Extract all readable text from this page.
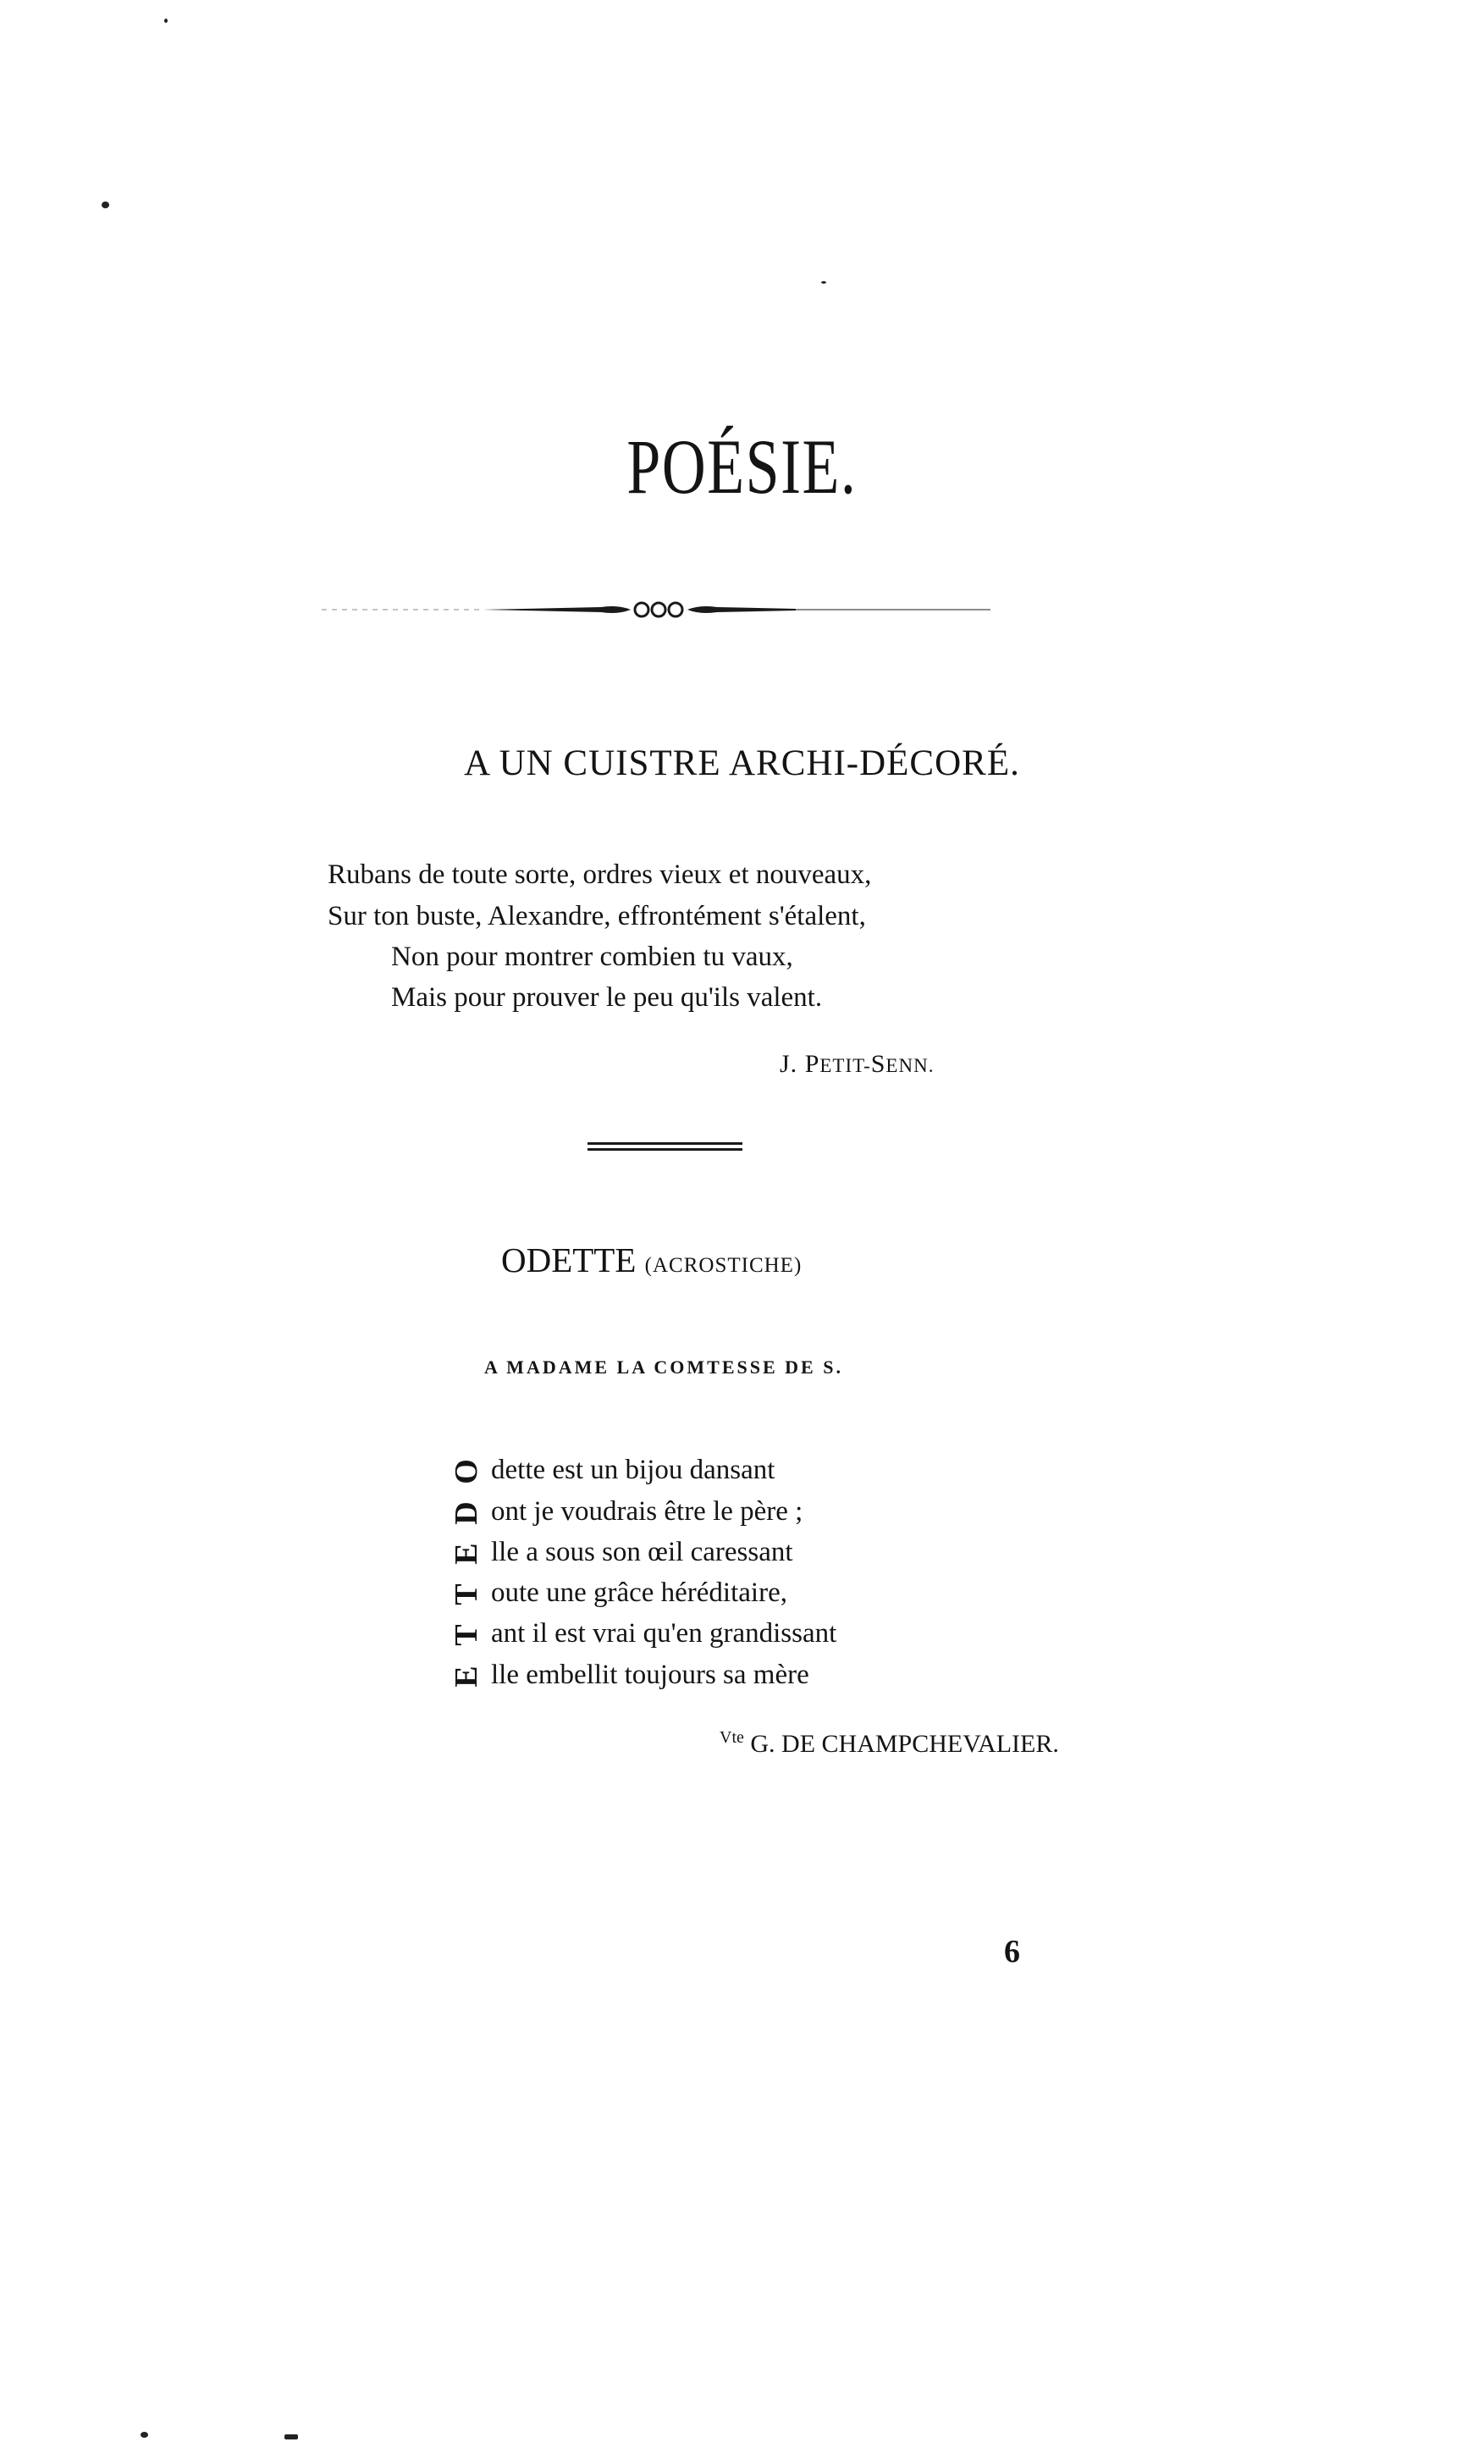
POÉSIE.
A UN CUISTRE ARCHI-DÉCORÉ.
Rubans de toute sorte, ordres vieux et nouveaux,
Sur ton buste, Alexandre, effrontément s'étalent,
Non pour montrer combien tu vaux,
Mais pour prouver le peu qu'ils valent.
J. PETIT-SENN.
ODETTE (ACROSTICHE)
A MADAME LA COMTESSE DE S.
O dette est un bijou dansant
D ont je voudrais être le père ;
E lle a sous son œil caressant
T oute une grâce héréditaire,
T ant il est vrai qu'en grandissant
E lle embellit toujours sa mère
$^{Vte}$ G. DE CHAMPCHEVALIER.
6
